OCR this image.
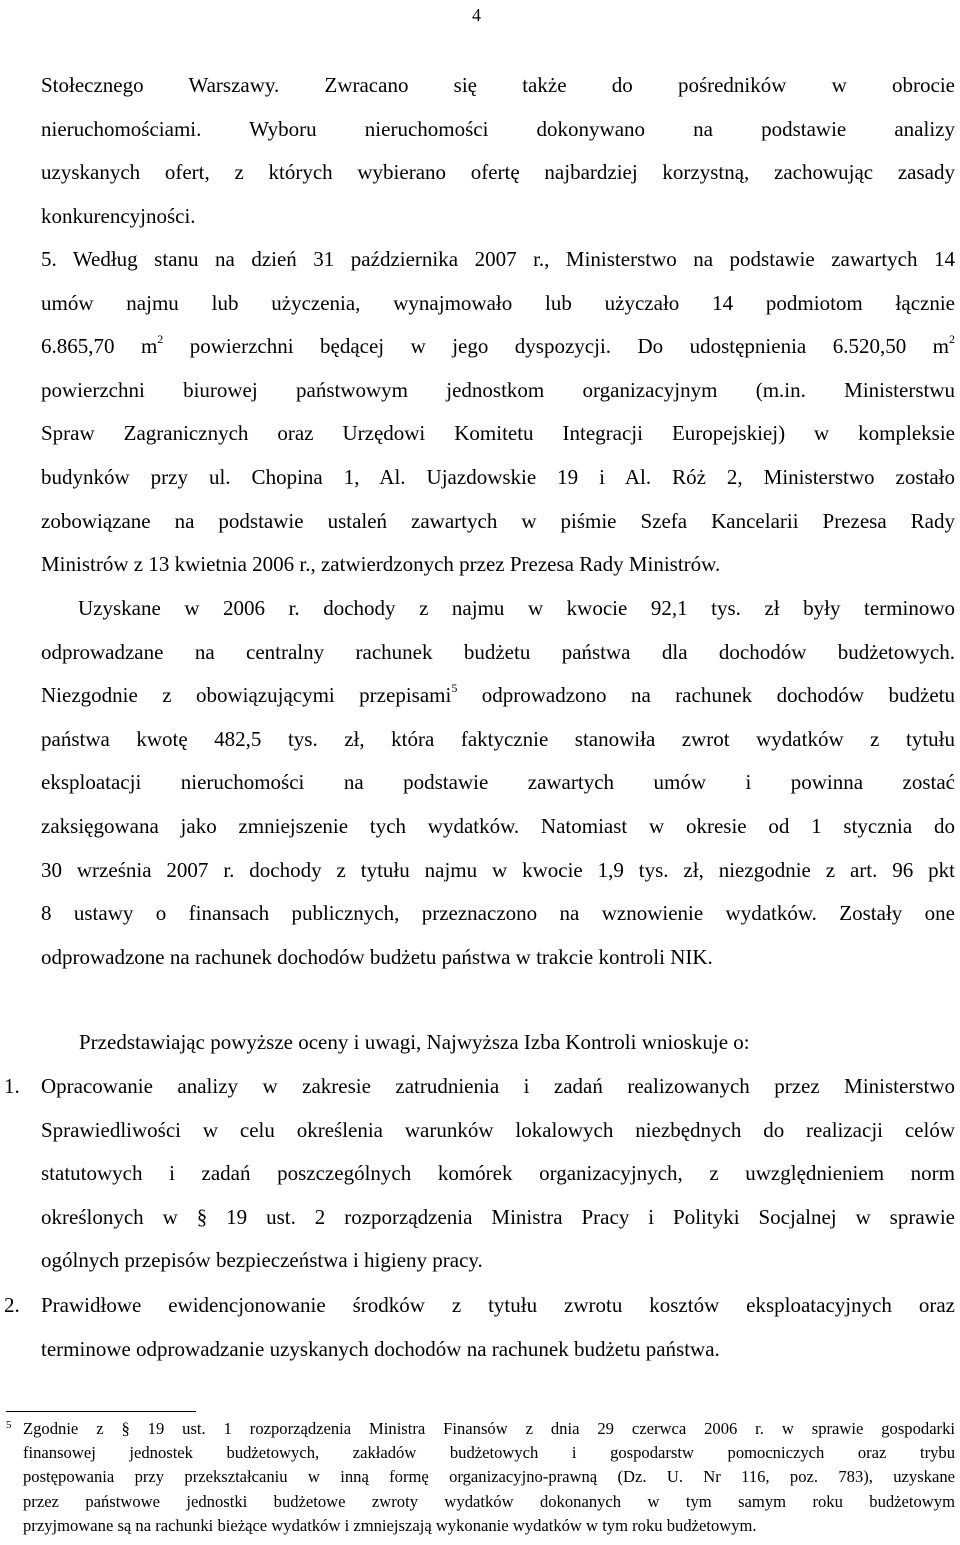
4
Stołecznego Warszawy. Zwracano się także do pośredników w obrocie
nieruchomościami. Wyboru nieruchomości dokonywano na podstawie analizy
uzyskanych ofert, z których wybierano ofertę najbardziej korzystną, zachowując zasady
konkurencyjności.
5. Według stanu na dzień 31 października 2007 r., Ministerstwo na podstawie zawartych 14
umów najmu lub użyczenia, wynajmowało lub użyczało 14 podmiotom łącznie
6.865,70 $m^2$ powierzchni będącej w jego dyspozycji. Do udostępnienia 6.520,50 $m^2$
powierzchni biurowej państwowym jednostkom organizacyjnym (m.in. Ministerstwu
Spraw Zagranicznych oraz Urzędowi Komitetu Integracji Europejskiej) w kompleksie
budynków przy ul. Chopina 1, Al. Ujazdowskie 19 i Al. Róż 2, Ministerstwo zostało
zobowiązane na podstawie ustaleń zawartych w piśmie Szefa Kancelarii Prezesa Rady
Ministrów z 13 kwietnia 2006 r., zatwierdzonych przez Prezesa Rady Ministrów.
Uzyskane w 2006 r. dochody z najmu w kwocie 92,1 tys. zł były terminowo
odprowadzane na centralny rachunek budżetu państwa dla dochodów budżetowych.
Niezgodnie z obowiązującymi przepisami$^5$ odprowadzono na rachunek dochodów budżetu
państwa kwotę 482,5 tys. zł, która faktycznie stanowiła zwrot wydatków z tytułu
eksploatacji nieruchomości na podstawie zawartych umów i powinna zostać
zaksięgowana jako zmniejszenie tych wydatków. Natomiast w okresie od 1 stycznia do
30 września 2007 r. dochody z tytułu najmu w kwocie 1,9 tys. zł, niezgodnie z art. 96 pkt
8 ustawy o finansach publicznych, przeznaczono na wznowienie wydatków. Zostały one
odprowadzone na rachunek dochodów budżetu państwa w trakcie kontroli NIK.
Przedstawiając powyższe oceny i uwagi, Najwyższa Izba Kontroli wnioskuje o:
1.	Opracowanie analizy w zakresie zatrudnienia i zadań realizowanych przez Ministerstwo
Sprawiedliwości w celu określenia warunków lokalowych niezbędnych do realizacji celów
statutowych i zadań poszczególnych komórek organizacyjnych, z uwzględnieniem norm
określonych w § 19 ust. 2 rozporządzenia Ministra Pracy i Polityki Socjalnej w sprawie
ogólnych przepisów bezpieczeństwa i higieny pracy.
2.	Prawidłowe ewidencjonowanie środków z tytułu zwrotu kosztów eksploatacyjnych oraz
terminowe odprowadzanie uzyskanych dochodów na rachunek budżetu państwa.
5 Zgodnie z § 19 ust. 1 rozporządzenia Ministra Finansów z dnia 29 czerwca 2006 r. w sprawie gospodarki
finansowej jednostek budżetowych, zakładów budżetowych i gospodarstw pomocniczych oraz trybu
postępowania przy przekształcaniu w inną formę organizacyjno-prawną (Dz. U. Nr 116, poz. 783), uzyskane
przez państwowe jednostki budżetowe zwroty wydatków dokonanych w tym samym roku budżetowym
przyjmowane są na rachunki bieżące wydatków i zmniejszają wykonanie wydatków w tym roku budżetowym.
